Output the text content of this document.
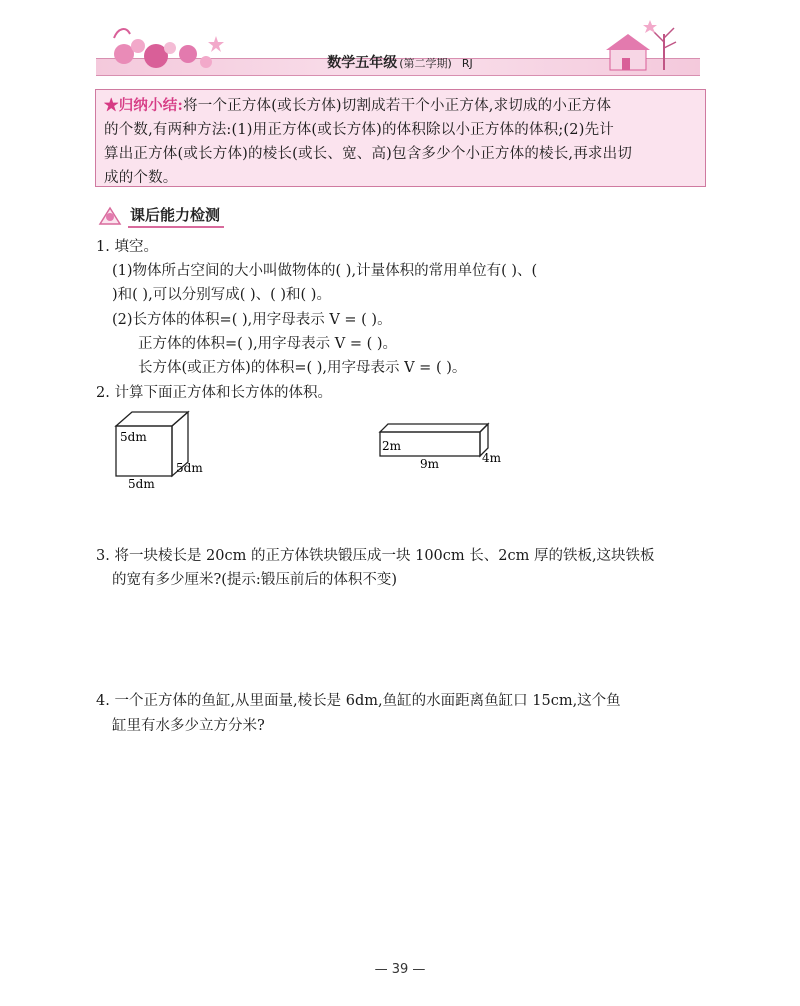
数学五年级 (第二学期) RJ
★归纳小结:将一个正方体(或长方体)切割成若干个小正方体,求切成的小正方体
的个数,有两种方法:(1)用正方体(或长方体)的体积除以小正方体的体积;(2)先计
算出正方体(或长方体)的棱长(或长、宽、高)包含多少个小正方体的棱长,再求出切
成的个数。
课后能力检测
1. 填空。
(1)物体所占空间的大小叫做物体的( ),计量体积的常用单位有( )、(
)和( ),可以分别写成( )、( )和( )。
(2)长方体的体积=( ),用字母表示 V = ( )。
正方体的体积=( ),用字母表示 V = ( )。
长方体(或正方体)的体积=( ),用字母表示 V = ( )。
2. 计算下面正方体和长方体的体积。
5dm
5dm
5dm
2m
9m	4m
3. 将一块棱长是 20cm 的正方体铁块锻压成一块 100cm 长、2cm 厚的铁板,这块铁板
的宽有多少厘米?(提示:锻压前后的体积不变)
4. 一个正方体的鱼缸,从里面量,棱长是 6dm,鱼缸的水面距离鱼缸口 15cm,这个鱼
缸里有水多少立方分米?
— 39 —
